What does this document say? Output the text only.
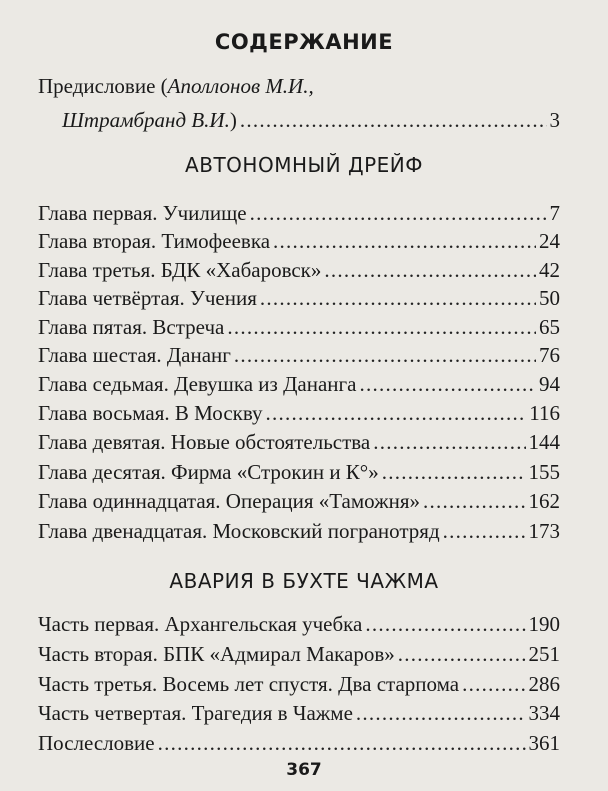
СОДЕРЖАНИЕ
Предисловие (Аполлонов М.И.,
Штрамбранд В.И.) . . .	3
АВТОНОМНЫЙ ДРЕЙФ
Глава первая. Училище . . .	7
Глава вторая. Тимофеевка . . .	24
Глава третья. БДК «Хабаровск» . . .	42
Глава четвёртая. Учения . . .	50
Глава пятая. Встреча . . .	65
Глава шестая. Дананг . . .	76
Глава седьмая. Девушка из Дананга . . .	94
Глава восьмая. В Москву . . .	116
Глава девятая. Новые обстоятельства . . .	144
Глава десятая. Фирма «Строкин и К°» . . .	155
Глава одиннадцатая. Операция «Таможня» . . .	162
Глава двенадцатая. Московский погранотряд . . .	173
АВАРИЯ В БУХТЕ ЧАЖМА
Часть первая. Архангельская учебка . . .	190
Часть вторая. БПК «Адмирал Макаров» . . .	251
Часть третья. Восемь лет спустя. Два старпома . . .	286
Часть четвертая. Трагедия в Чажме . . .	334
Послесловие . . .	361
367
